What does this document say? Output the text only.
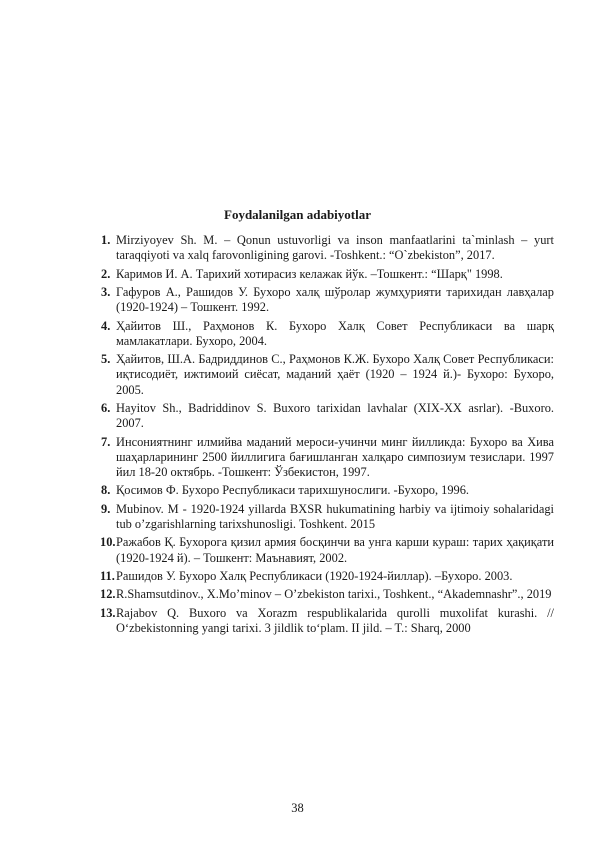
Foydalanilgan adabiyotlar
1. Mirziyoyev Sh. M. – Qonun ustuvorligi va inson manfaatlarini ta`minlash – yurt taraqqiyoti va xalq farovonligining garovi. -Toshkent.: “O`zbekiston”, 2017.
2. Каримов И. А. Тарихий хотирасиз келажак йўк. –Тошкент.: “Шарқ" 1998.
3. Гафуров А., Рашидов У. Бухоро халқ шўролар жумҳурияти тарихидан лавҳалар (1920-1924) – Тошкент. 1992.
4. Ҳайитов Ш., Раҳмонов К. Бухоро Халқ Совет Республикаси ва шарқ мамлакатлари. Бухоро, 2004.
5. Ҳайитов, Ш.А. Бадриддинов С., Раҳмонов К.Ж. Бухоро Халқ Совет Республикаси: иқтисодиёт, ижтимоий сиёсат, маданий ҳаёт (1920 – 1924 й.)- Бухоро: Бухоро, 2005.
6. Hayitov Sh., Badriddinov S. Buxoro tarixidan lavhalar (XIX-XX asrlar). -Buxoro. 2007.
7. Инсониятнинг илмийва маданий мероси-учинчи минг йилликда: Бухоро ва Хива шаҳарларининг 2500 йиллигига бағишланган халқаро симпозиум тезислари. 1997 йил 18-20 октябрь. -Тошкент: Ўзбекистон, 1997.
8. Қосимов Ф. Бухоро Республикаси тарихшунослиги. -Бухоро, 1996.
9. Mubinov. M - 1920-1924 yillarda BXSR hukumatining harbiy va ijtimoiy sohalaridagi tub o’zgarishlarning tarixshunosligi. Toshkent. 2015
10. Ражабов Қ. Бухорога қизил армия босқинчи ва унга карши кураш: тарих ҳақиқати (1920-1924 й). – Тошкент: Маънавият, 2002.
11. Рашидов У. Бухоро Халқ Республикаси (1920-1924-йиллар). –Бухоро. 2003.
12. R.Shamsutdinov., X.Mo’minov – O’zbekiston tarixi., Toshkent., “Akademnashr”., 2019
13. Rajabov Q. Buxoro va Xorazm respublikalarida qurolli muxolifat kurashi. // O‘zbekistonning yangi tarixi. 3 jildlik to‘plam. II jild. – T.: Sharq, 2000
38
